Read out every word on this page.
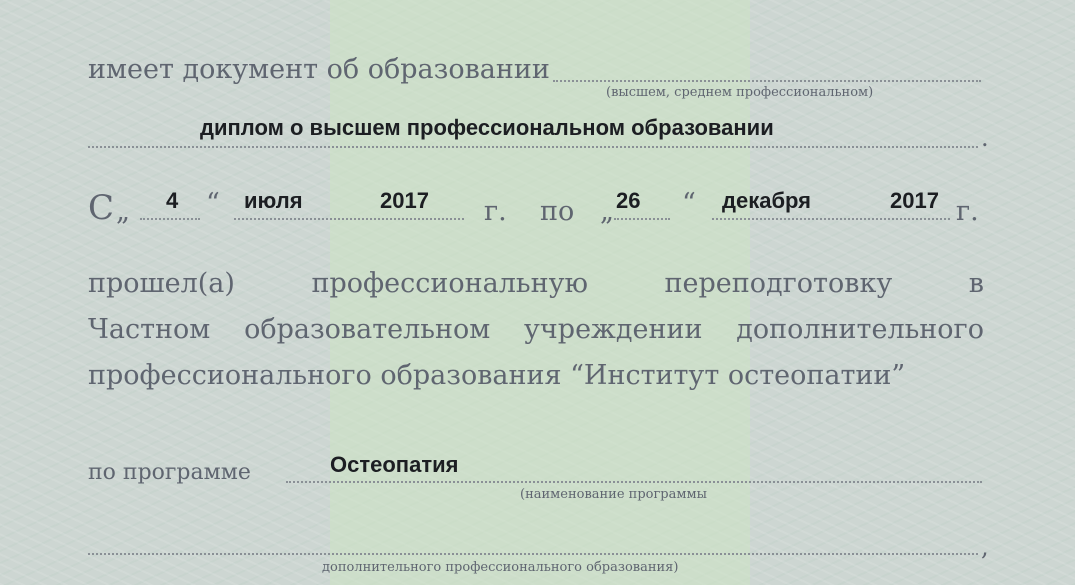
имеет документ об образовании
(высшем, среднем профессиональном)
диплом о высшем профессиональном образовании	.
С „ 4 “ июля	2017 г. по „ 26 “ декабря	2017 г.
прошел(а)	профессиональную	переподготовку	в
Частном образовательном учреждении дополнительного
профессионального образования “Институт остеопатии”
по программе	Остеопатия
(наименование программы
,
дополнительного профессионального образования)
